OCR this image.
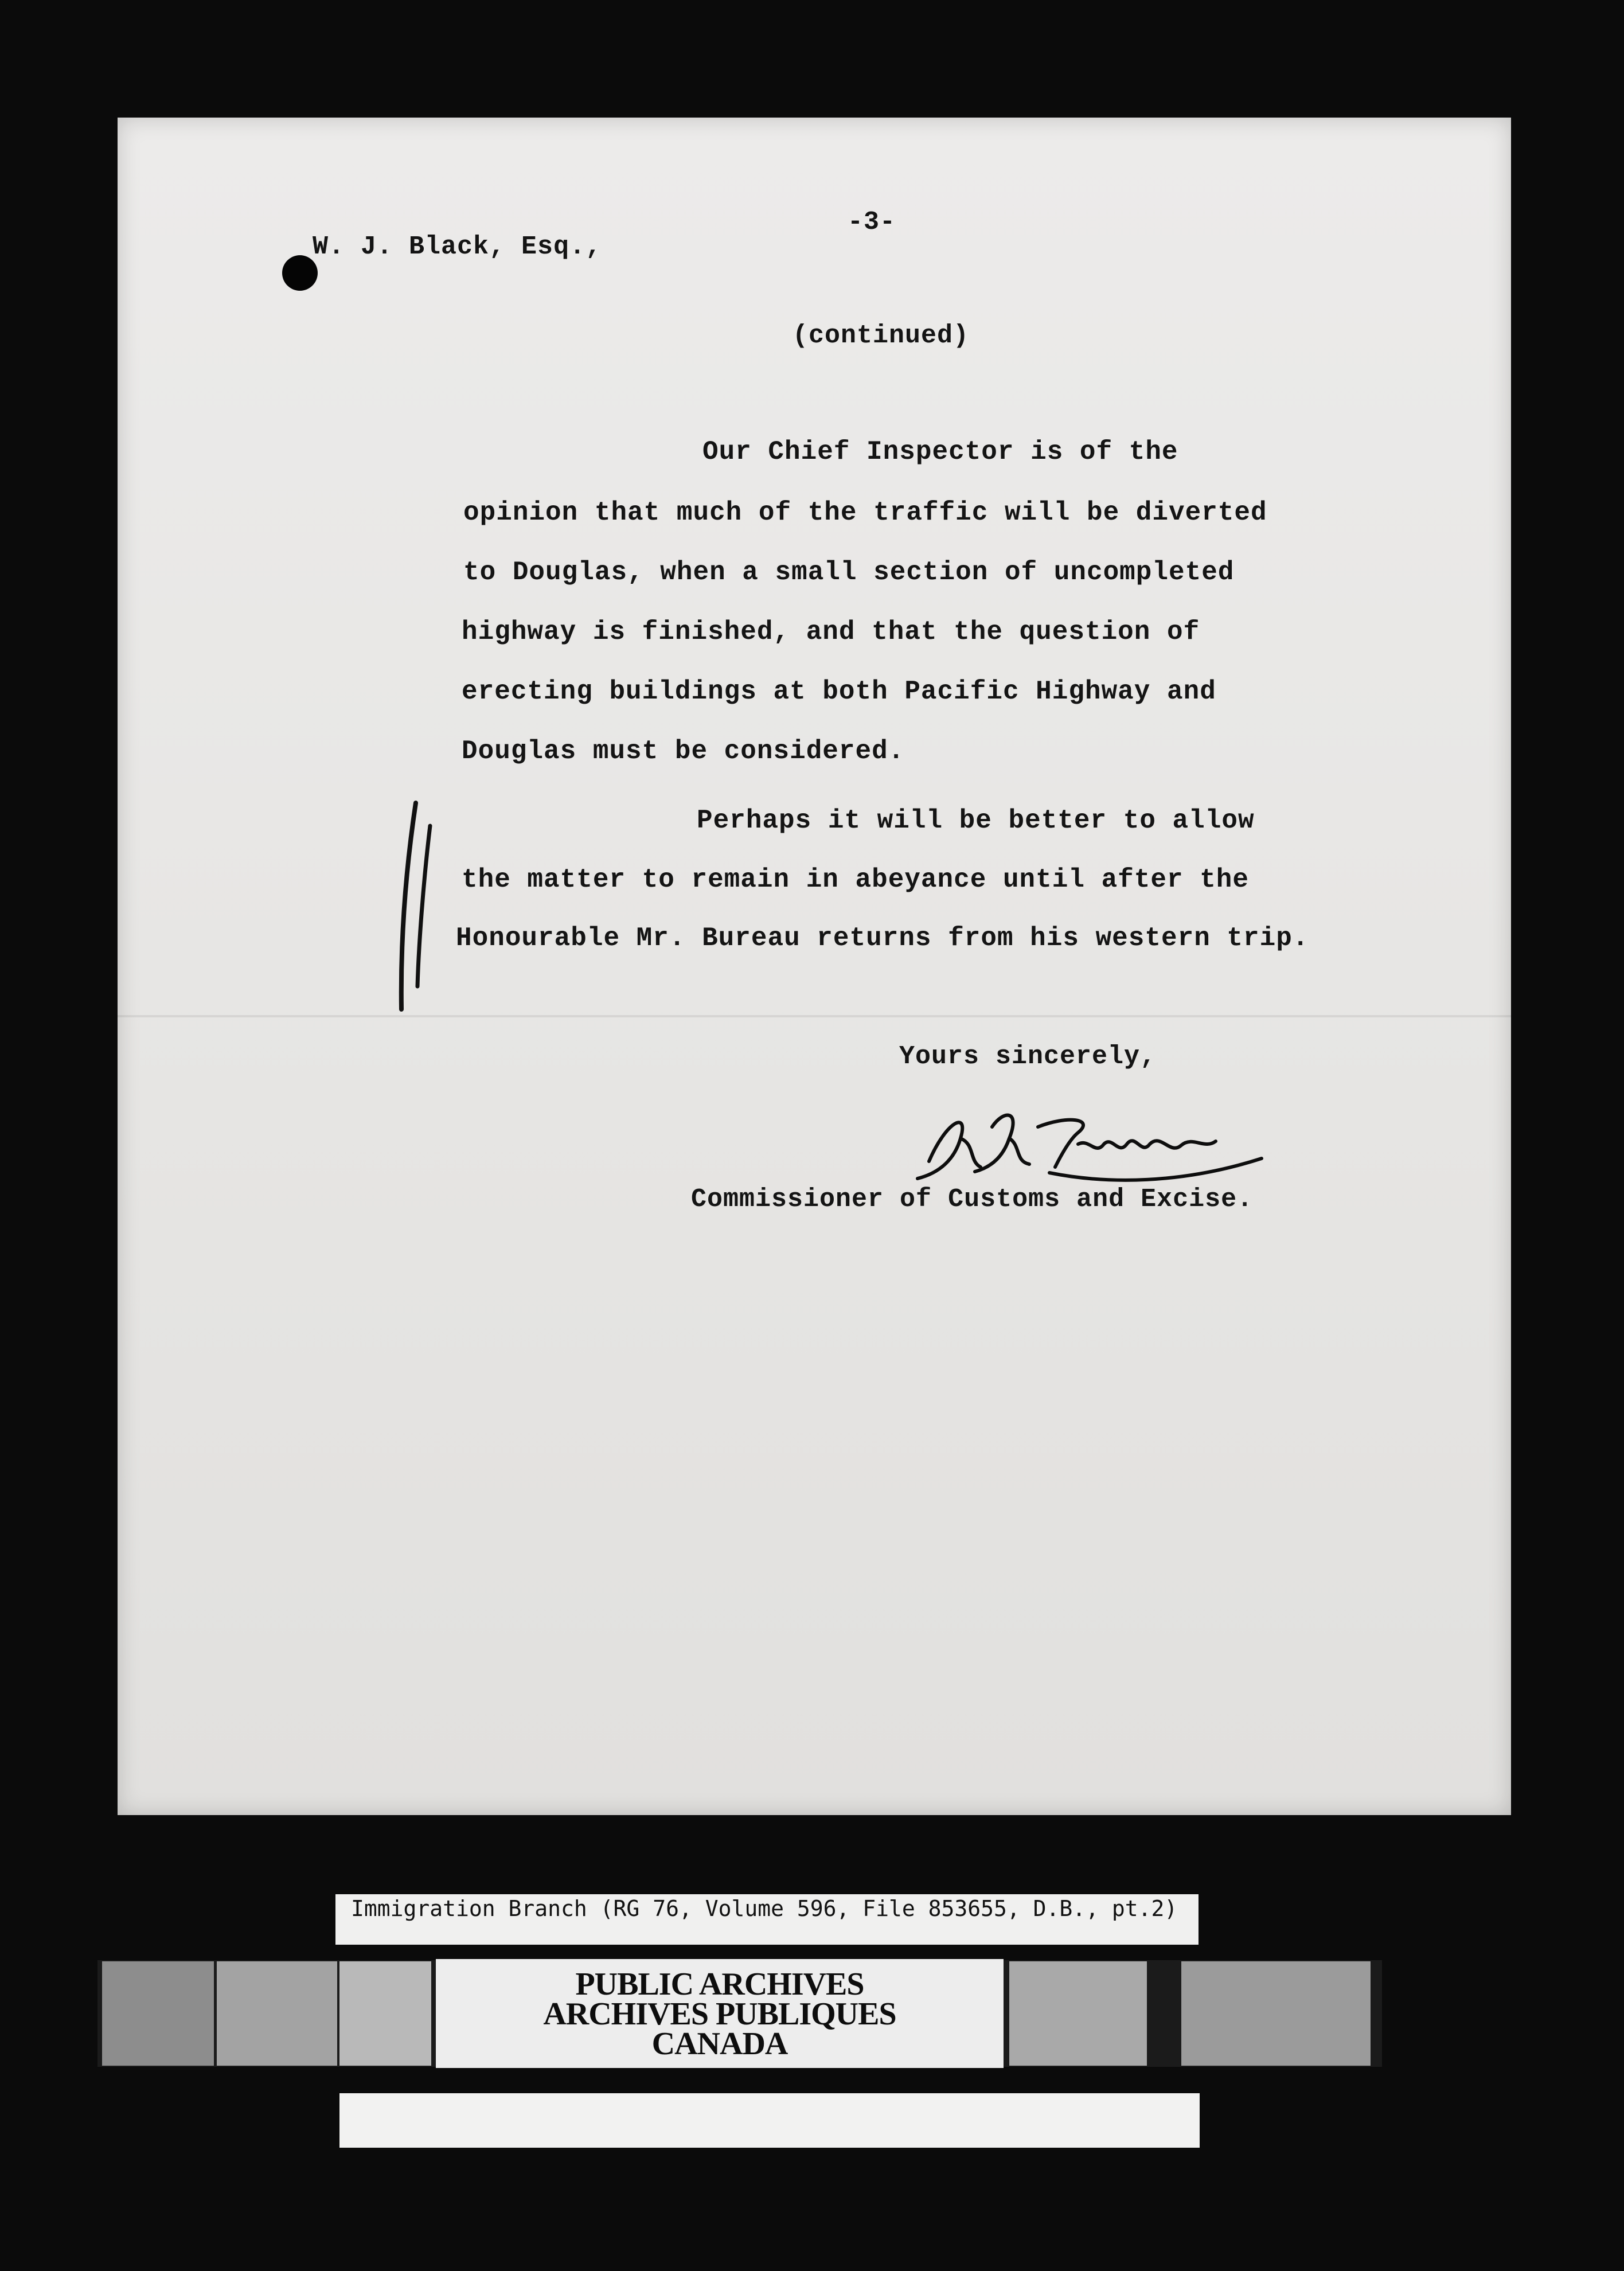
-3-
W. J. Black, Esq.,
(continued)
Our Chief Inspector is of the
opinion that much of the traffic will be diverted
to Douglas, when a small section of uncompleted
highway is finished, and that the question of
erecting buildings at both Pacific Highway and
Douglas must be considered.
Perhaps it will be better to allow
the matter to remain in abeyance until after the
Honourable Mr. Bureau returns from his western trip.
Yours sincerely,
Commissioner of Customs and Excise.
Immigration Branch (RG 76, Volume 596, File 853655, D.B., pt.2)
PUBLIC ARCHIVES
ARCHIVES PUBLIQUES
CANADA
